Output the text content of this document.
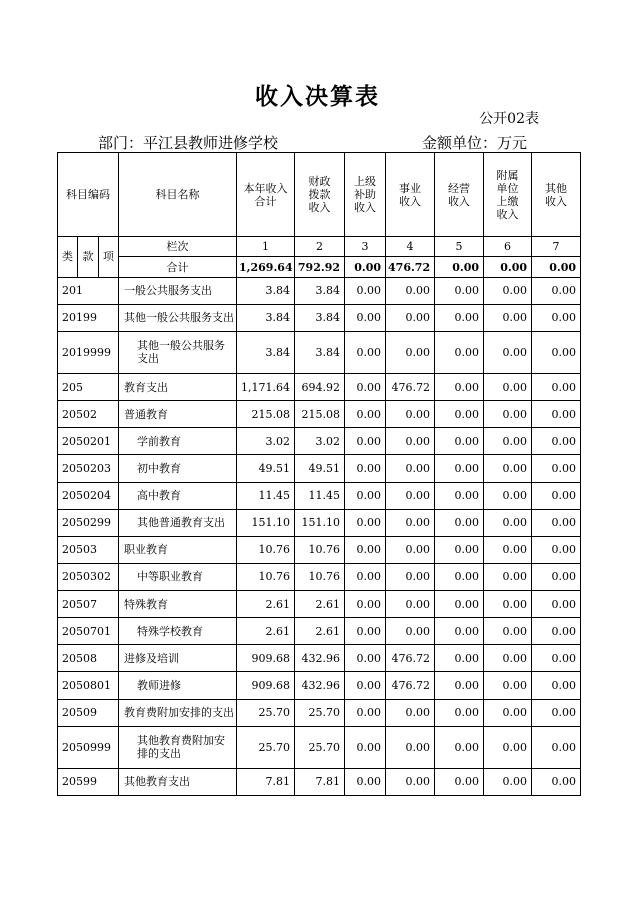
收入决算表
公开02表
部门：平江县教师进修学校	金额单位：万元
科目编码			科目名称	本年收入合计	财政拨款收入	上级补助收入	事业收入	经营收入	附属单位上缴收入	其他收入
类	款	项	栏次	1	2	3	4	5	6	7
			合计	1,269.64	792.92	0.00	476.72	0.00	0.00	0.00
201			一般公共服务支出	3.84	3.84	0.00	0.00	0.00	0.00	0.00
20199			其他一般公共服务支出	3.84	3.84	0.00	0.00	0.00	0.00	0.00
2019999			其他一般公共服务支出	3.84	3.84	0.00	0.00	0.00	0.00	0.00
205			教育支出	1,171.64	694.92	0.00	476.72	0.00	0.00	0.00
20502			普通教育	215.08	215.08	0.00	0.00	0.00	0.00	0.00
2050201			学前教育	3.02	3.02	0.00	0.00	0.00	0.00	0.00
2050203			初中教育	49.51	49.51	0.00	0.00	0.00	0.00	0.00
2050204			高中教育	11.45	11.45	0.00	0.00	0.00	0.00	0.00
2050299			其他普通教育支出	151.10	151.10	0.00	0.00	0.00	0.00	0.00
20503			职业教育	10.76	10.76	0.00	0.00	0.00	0.00	0.00
2050302			中等职业教育	10.76	10.76	0.00	0.00	0.00	0.00	0.00
20507			特殊教育	2.61	2.61	0.00	0.00	0.00	0.00	0.00
2050701			特殊学校教育	2.61	2.61	0.00	0.00	0.00	0.00	0.00
20508			进修及培训	909.68	432.96	0.00	476.72	0.00	0.00	0.00
2050801			教师进修	909.68	432.96	0.00	476.72	0.00	0.00	0.00
20509			教育费附加安排的支出	25.70	25.70	0.00	0.00	0.00	0.00	0.00
2050999			其他教育费附加安排的支出	25.70	25.70	0.00	0.00	0.00	0.00	0.00
20599			其他教育支出	7.81	7.81	0.00	0.00	0.00	0.00	0.00
